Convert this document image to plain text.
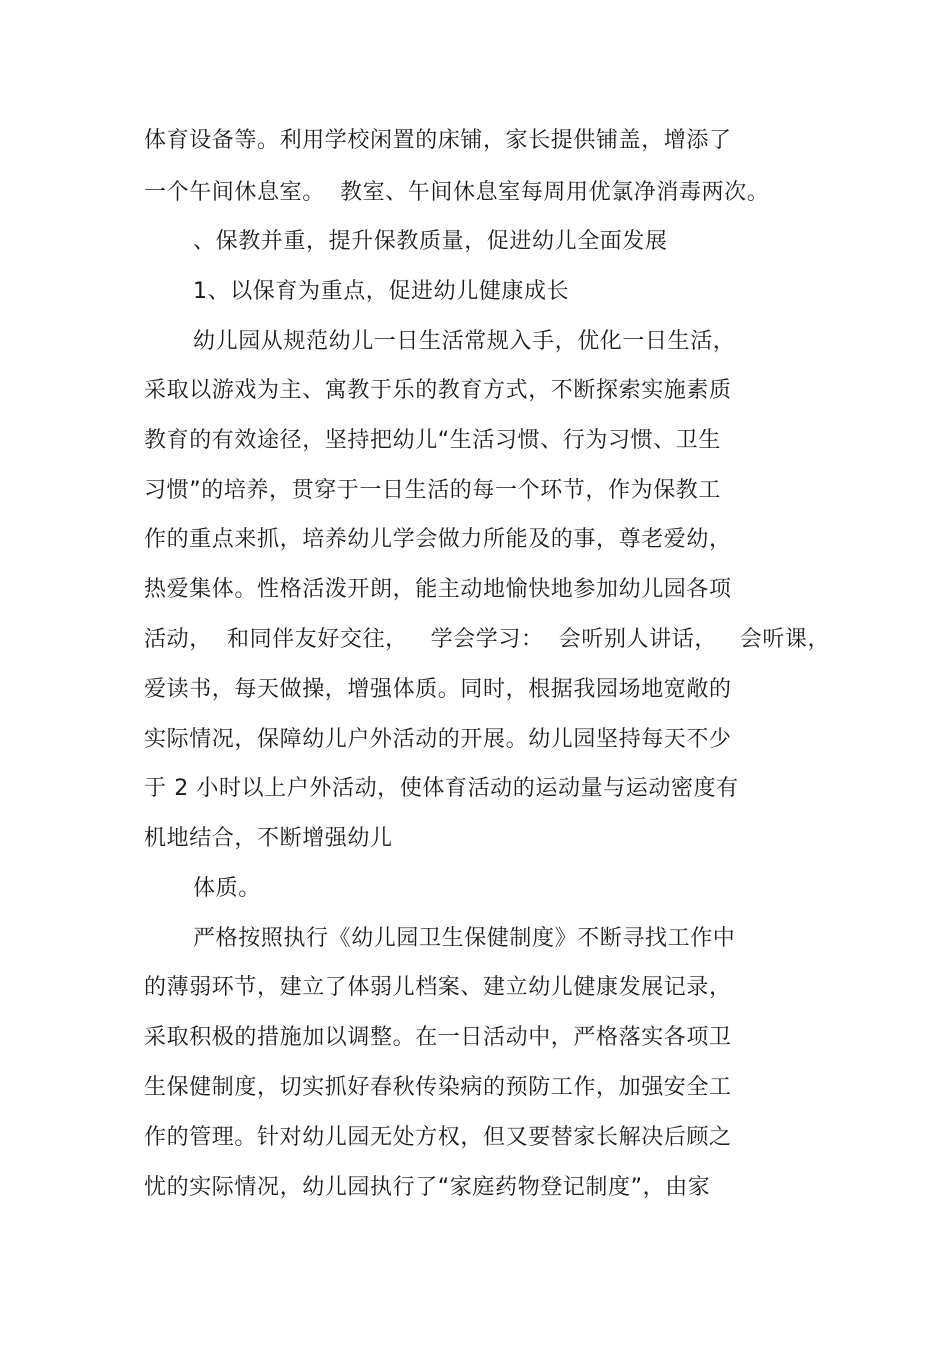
体育设备等。利用学校闲置的床铺，家长提供铺盖，增添了
一个午间休息室。  教室、午间休息室每周用优氯净消毒两次。
、保教并重，提升保教质量，促进幼儿全面发展
1、以保育为重点，促进幼儿健康成长
幼儿园从规范幼儿一日生活常规入手，优化一日生活，
采取以游戏为主、寓教于乐的教育方式，不断探索实施素质
教育的有效途径，坚持把幼儿“生活习惯、行为习惯、卫生
习惯”的培养，贯穿于一日生活的每一个环节，作为保教工
作的重点来抓，培养幼儿学会做力所能及的事，尊老爱幼，
热爱集体。性格活泼开朗，能主动地愉快地参加幼儿园各项
活动，  和同伴友好交往，   学会学习：  会听别人讲话，   会听课，
爱读书，每天做操，增强体质。同时，根据我园场地宽敞的
实际情况，保障幼儿户外活动的开展。幼儿园坚持每天不少
于 2 小时以上户外活动，使体育活动的运动量与运动密度有
机地结合，不断增强幼儿
体质。
严格按照执行《幼儿园卫生保健制度》不断寻找工作中
的薄弱环节，建立了体弱儿档案、建立幼儿健康发展记录，
采取积极的措施加以调整。在一日活动中，严格落实各项卫
生保健制度，切实抓好春秋传染病的预防工作，加强安全工
作的管理。针对幼儿园无处方权，但又要替家长解决后顾之
忧的实际情况，幼儿园执行了“家庭药物登记制度”，由家
